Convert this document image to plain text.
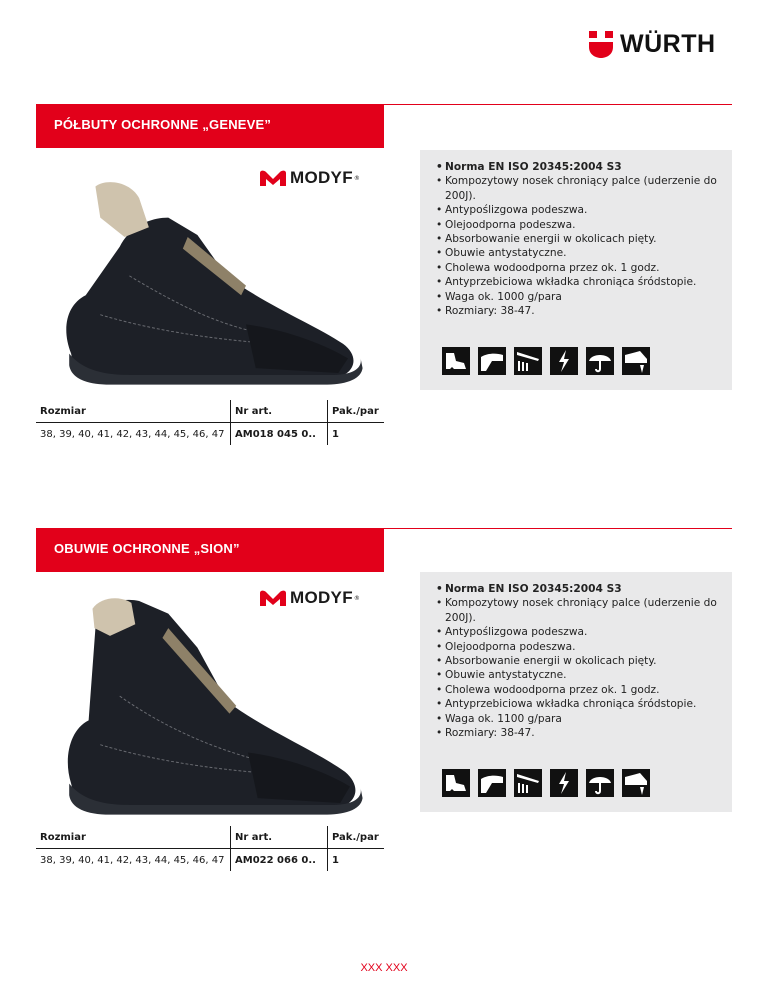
WÜRTH
PÓŁBUTY OCHRONNE „GENEVE”
MODYF ®
• Norma EN ISO 20345:2004 S3
• Kompozytowy nosek chroniący palce (uderzenie do 200J).
• Antypoślizgowa podeszwa.
• Olejoodporna podeszwa.
• Absorbowanie energii w okolicach pięty.
• Obuwie antystatyczne.
• Cholewa wodoodporna przez ok. 1 godz.
• Antyprzebiciowa wkładka chroniąca śródstopie.
• Waga ok. 1000 g/para
• Rozmiary: 38-47.
Rozmiar	Nr art.	Pak./par
38, 39, 40, 41, 42, 43, 44, 45, 46, 47	AM018 045 0..	1
OBUWIE OCHRONNE „SION”
MODYF ®
• Norma EN ISO 20345:2004 S3
• Kompozytowy nosek chroniący palce (uderzenie do 200J).
• Antypoślizgowa podeszwa.
• Olejoodporna podeszwa.
• Absorbowanie energii w okolicach pięty.
• Obuwie antystatyczne.
• Cholewa wodoodporna przez ok. 1 godz.
• Antyprzebiciowa wkładka chroniąca śródstopie.
• Waga ok. 1100 g/para
• Rozmiary: 38-47.
Rozmiar	Nr art.	Pak./par
38, 39, 40, 41, 42, 43, 44, 45, 46, 47	AM022 066 0..	1
XXX XXX
